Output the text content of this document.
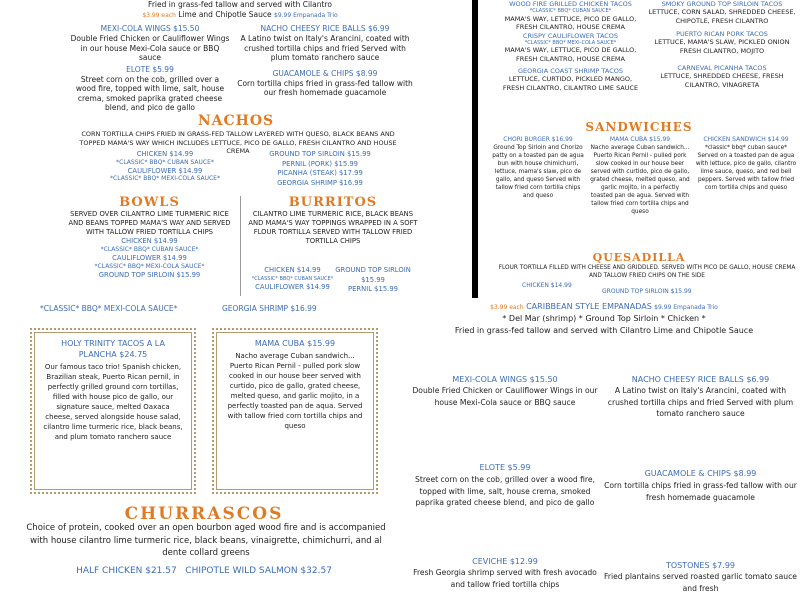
Fried in grass-fed tallow and served with Cilantro
$3.99 each Lime and Chipotle Sauce $9.99 Empanada Trio
MEXI-COLA WINGS $15.50
Double Fried Chicken or Cauliflower Wings in our house Mexi-Cola sauce or BBQ sauce
ELOTE $5.99
Street corn on the cob, grilled over a wood fire, topped with lime, salt, house crema, smoked paprika grated cheese blend, and pico de gallo
NACHO CHEESY RICE BALLS $6.99
A Latino twist on Italy's Arancini, coated with crushed tortilla chips and fried Served with plum tomato ranchero sauce
GUACAMOLE & CHIPS $8.99
Corn tortilla chips fried in grass-fed tallow with our fresh homemade guacamole
NACHOS
CORN TORTILLA CHIPS FRIED IN GRASS-FED TALLOW LAYERED WITH QUESO, BLACK BEANS AND TOPPED MAMA'S WAY WHICH INCLUDES LETTUCE, PICO DE GALLO, FRESH CILANTRO AND HOUSE CREMA
CHICKEN $14.99
*CLASSIC* BBQ* CUBAN SAUCE*
CAULIFLOWER $14.99
*CLASSIC* BBQ* MEXI-COLA SAUCE*
GROUND TOP SIRLOIN $15.99
PERNIL (PORK) $15.99
PICANHA (STEAK) $17.99
GEORGIA SHRIMP $16.99
BOWLS
SERVED OVER CILANTRO LIME TURMERIC RICE AND BEANS TOPPED MAMA'S WAY AND SERVED WITH TALLOW FRIED TORTILLA CHIPS
CHICKEN $14.99
*CLASSIC* BBQ* CUBAN SAUCE*
CAULIFLOWER $14.99
*CLASSIC* BBQ* MEXI-COLA SAUCE*
GROUND TOP SIRLOIN $15.99
BURRITOS
CILANTRO LIME TURMERIC RICE, BLACK BEANS AND MAMA'S WAY TOPPINGS WRAPPED IN A SOFT FLOUR TORTILLA SERVED WITH TALLOW FRIED TORTILLA CHIPS
CHICKEN $14.99
*CLASSIC* BBQ* CUBAN SAUCE*
CAULIFLOWER $14.99
GROUND TOP SIRLOIN $15.99
PERNIL $15.99
WOOD FIRE GRILLED CHICKEN TACOS
*CLASSIC* BBQ* CUBAN SAUCE*
MAMA'S WAY, LETTUCE, PICO DE GALLO, FRESH CILANTRO, HOUSE CREMA
CRISPY CAULIFLOWER TACOS
*CLASSIC* BBQ* MEXI-COLA SAUCE*
MAMA'S WAY, LETTUCE, PICO DE GALLO, FRESH CILANTRO, HOUSE CREMA
GEORGIA COAST SHRIMP TACOS
LETTUCE, CURTIDO, PICKLED MANGO, FRESH CILANTRO, CILANTRO LIME SAUCE
SMOKY GROUND TOP SIRLOIN TACOS
LETTUCE, CORN SALAD, SHREDDED CHEESE, CHIPOTLE, FRESH CILANTRO
PUERTO RICAN PORK TACOS
LETTUCE, MAMA'S SLAW, PICKLED ONION FRESH CILANTRO, MOJITO
CARNEVAL PICANHA TACOS
LETTUCE, SHREDDED CHEESE, FRESH CILANTRO, VINAGRETA
SANDWICHES
CHORI BURGER $16.99
Ground Top Sirloin and Chorizo patty on a toasted pan de agua bun with house chimichurri, lettuce, mama's slaw, pico de gallo, and queso Served with tallow fried corn tortilla chips and queso
MAMA CUBA $15.99
Nacho average Cuban sandwich... Puerto Rican Pernil - pulled pork slow cooked in our house beer served with curtido, pico de gallo, grated cheese, melted queso, and garlic mojito, in a perfectly toasted pan de agua. Served with tallow fried corn tortilla chips and queso
CHICKEN SANDWICH $14.99
*classic* bbq* cuban sauce* Served on a toasted pan de agua with lettuce, pico de gallo, cilantro lime sauce, queso, and red bell peppers. Served with tallow fried corn tortilla chips and queso
QUESADILLA
FLOUR TORTILLA FILLED WITH CHEESE AND GRIDDLED. SERVED WITH PICO DE GALLO, HOUSE CREMA AND TALLOW FRIED CHIPS ON THE SIDE
CHICKEN $14.99
GROUND TOP SIRLOIN $15.99
*CLASSIC* BBQ* MEXI-COLA SAUCE*	GEORGIA SHRIMP $16.99
HOLY TRINITY TACOS A LA PLANCHA $24.75
Our famous taco trio! Spanish chicken, Brazilian steak, Puerto Rican pernil, in perfectly grilled ground corn tortillas, filled with house pico de gallo, our signature sauce, melted Oaxaca cheese, served alongside house salad, cilantro lime turmeric rice, black beans, and plum tomato ranchero sauce
MAMA CUBA $15.99
Nacho average Cuban sandwich... Puerto Rican Pernil - pulled pork slow cooked in our house beer served with curtido, pico de gallo, grated cheese, melted queso, and garlic mojito, in a perfectly toasted pan de aqua. Served with tallow fried corn tortilla chips and queso
CHURRASCOS
Choice of protein, cooked over an open bourbon aged wood fire and is accompanied with house cilantro lime turmeric rice, black beans, vinaigrette, chimichurri, and al dente collard greens
HALF CHICKEN $21.57   CHIPOTLE WILD SALMON $32.57
$3.99 each CARIBBEAN STYLE EMPANADAS $9.99 Empanada Trio
* Del Mar (shrimp) * Ground Top Sirloin * Chicken *
Fried in grass-fed tallow and served with Cilantro Lime and Chipotle Sauce
MEXI-COLA WINGS $15.50
Double Fried Chicken or Cauliflower Wings in our house Mexi-Cola sauce or BBQ sauce
NACHO CHEESY RICE BALLS $6.99
A Latino twist on Italy's Arancini, coated with crushed tortilla chips and fried Served with plum tomato ranchero sauce
ELOTE $5.99
Street corn on the cob, grilled over a wood fire, topped with lime, salt, house crema, smoked paprika grated cheese blend, and pico de gallo
GUACAMOLE & CHIPS $8.99
Corn tortilla chips fried in grass-fed tallow with our fresh homemade guacamole
CEVICHE $12.99
Fresh Georgia shrimp served with fresh avocado and tallow fried tortilla chips
TOSTONES $7.99
Fried plantains served roasted garlic tomato sauce and fresh
